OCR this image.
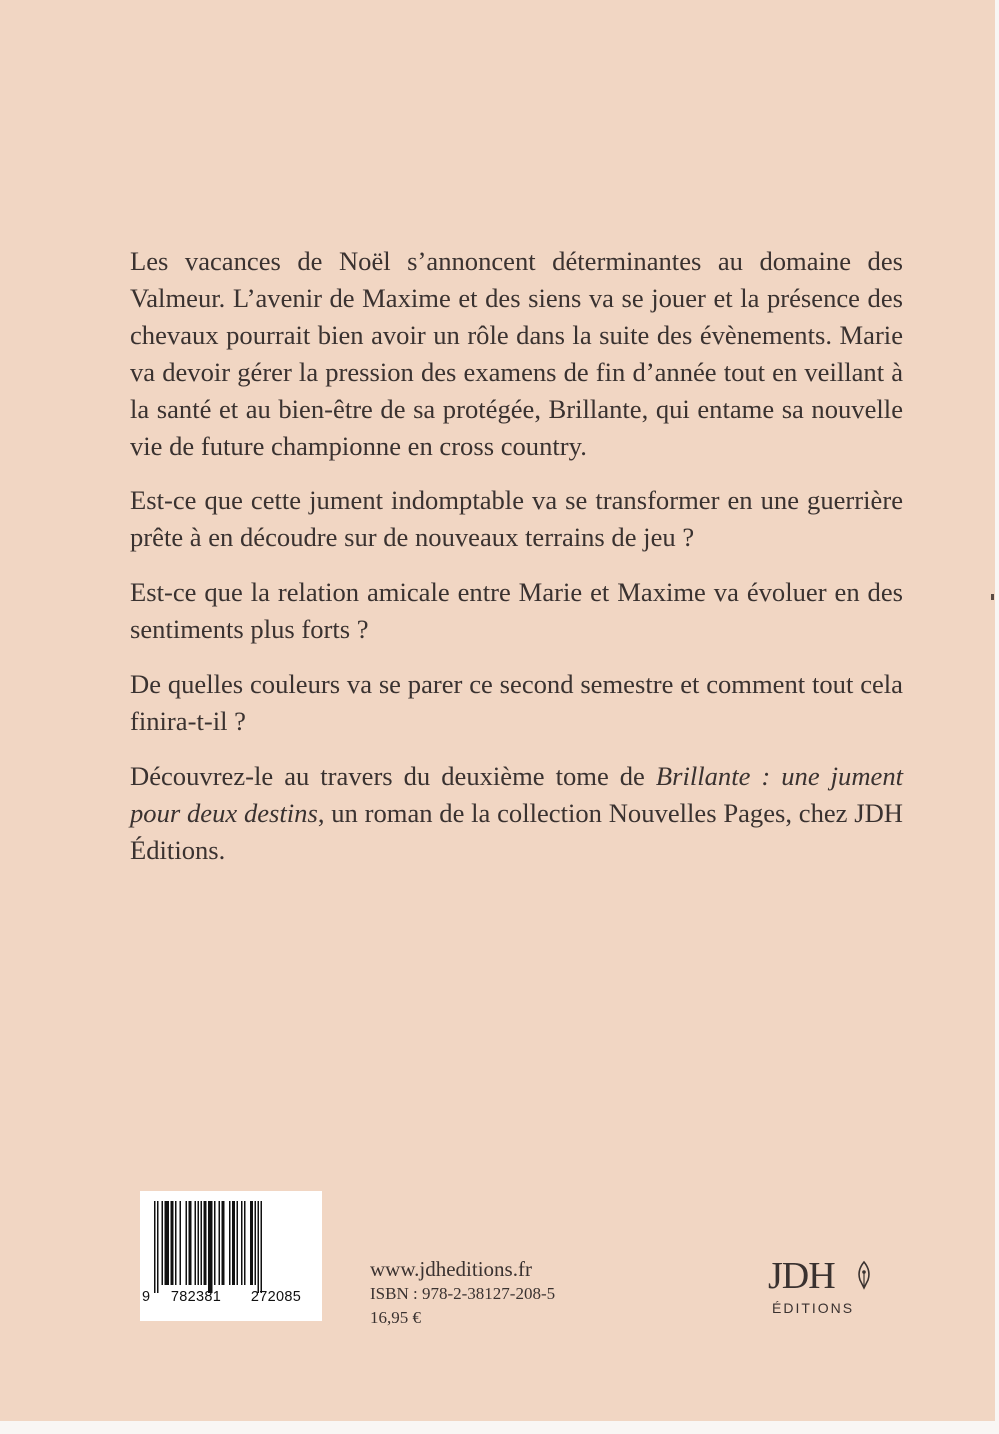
Les vacances de Noël s’annoncent déterminantes au domaine des Valmeur. L’avenir de Maxime et des siens va se jouer et la présence des chevaux pourrait bien avoir un rôle dans la suite des évènements. Marie va devoir gérer la pression des examens de fin d’année tout en veillant à la santé et au bien-être de sa protégée, Brillante, qui entame sa nouvelle vie de future championne en cross country.

Est-ce que cette jument indomptable va se transformer en une guerrière prête à en découdre sur de nouveaux terrains de jeu ?

Est-ce que la relation amicale entre Marie et Maxime va évoluer en des sentiments plus forts ?

De quelles couleurs va se parer ce second semestre et comment tout cela finira-t-il ?

Découvrez-le au travers du deuxième tome de Brillante : une jument pour deux destins, un roman de la collection Nouvelles Pages, chez JDH Éditions.

9	782381	272085
www.jdheditions.fr
ISBN : 978-2-38127-208-5
16,95 €
JDH
ÉDITIONS
